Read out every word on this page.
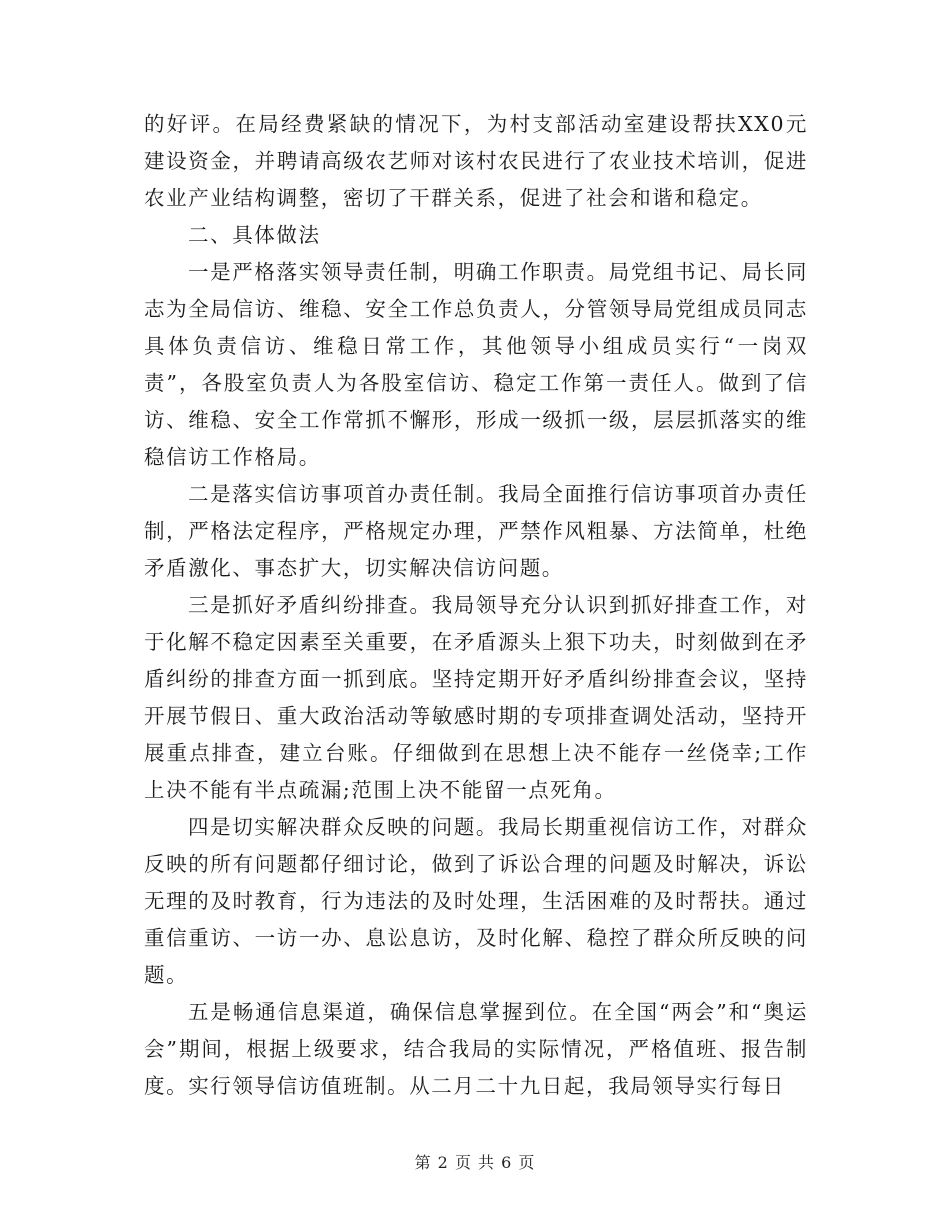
的好评。在局经费紧缺的情况下，为村支部活动室建设帮扶XX0元建设资金，并聘请高级农艺师对该村农民进行了农业技术培训，促进农业产业结构调整，密切了干群关系，促进了社会和谐和稳定。

二、具体做法

一是严格落实领导责任制，明确工作职责。局党组书记、局长同志为全局信访、维稳、安全工作总负责人，分管领导局党组成员同志具体负责信访、维稳日常工作，其他领导小组成员实行“一岗双责”，各股室负责人为各股室信访、稳定工作第一责任人。做到了信访、维稳、安全工作常抓不懈形，形成一级抓一级，层层抓落实的维稳信访工作格局。

二是落实信访事项首办责任制。我局全面推行信访事项首办责任制，严格法定程序，严格规定办理，严禁作风粗暴、方法简单，杜绝矛盾激化、事态扩大，切实解决信访问题。

三是抓好矛盾纠纷排查。我局领导充分认识到抓好排查工作，对于化解不稳定因素至关重要，在矛盾源头上狠下功夫，时刻做到在矛盾纠纷的排查方面一抓到底。坚持定期开好矛盾纠纷排查会议，坚持开展节假日、重大政治活动等敏感时期的专项排查调处活动，坚持开展重点排查，建立台账。仔细做到在思想上决不能存一丝侥幸;工作上决不能有半点疏漏;范围上决不能留一点死角。

四是切实解决群众反映的问题。我局长期重视信访工作，对群众反映的所有问题都仔细讨论，做到了诉讼合理的问题及时解决，诉讼无理的及时教育，行为违法的及时处理，生活困难的及时帮扶。通过重信重访、一访一办、息讼息访，及时化解、稳控了群众所反映的问题。

五是畅通信息渠道，确保信息掌握到位。在全国“两会”和“奥运会”期间，根据上级要求，结合我局的实际情况，严格值班、报告制度。实行领导信访值班制。从二月二十九日起，我局领导实行每日

第 2 页 共 6 页
